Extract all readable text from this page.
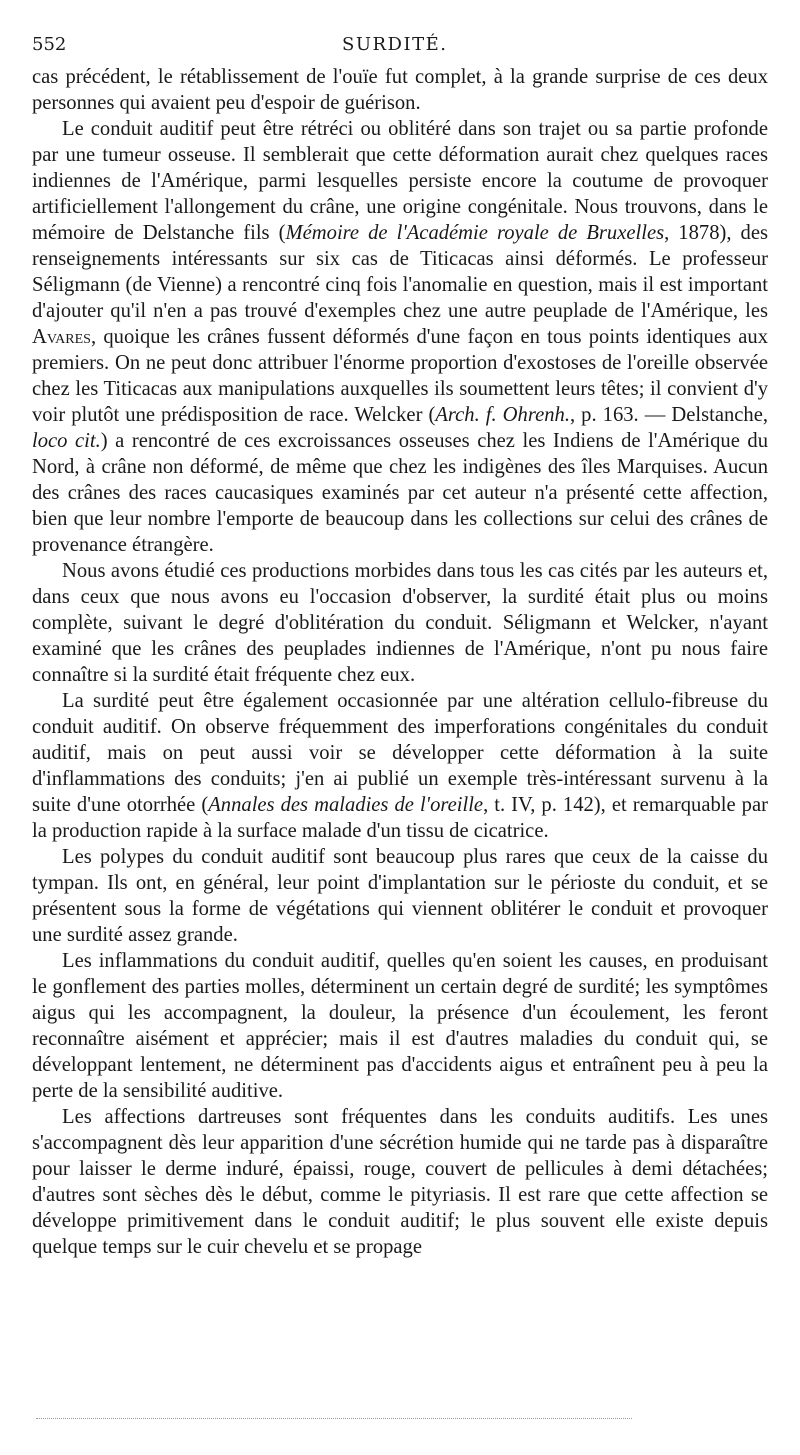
552	SURDITÉ.

cas précédent, le rétablissement de l'ouïe fut complet, à la grande surprise de ces deux personnes qui avaient peu d'espoir de guérison.

Le conduit auditif peut être rétréci ou oblitéré dans son trajet ou sa partie profonde par une tumeur osseuse. Il semblerait que cette déformation aurait chez quelques races indiennes de l'Amérique, parmi lesquelles persiste encore la coutume de provoquer artificiellement l'allongement du crâne, une origine congénitale. Nous trouvons, dans le mémoire de Delstanche fils (Mémoire de l'Académie royale de Bruxelles, 1878), des renseignements intéressants sur six cas de Titicacas ainsi déformés. Le professeur Séligmann (de Vienne) a rencontré cinq fois l'anomalie en question, mais il est important d'ajouter qu'il n'en a pas trouvé d'exemples chez une autre peuplade de l'Amérique, les Avares, quoique les crânes fussent déformés d'une façon en tous points identiques aux premiers. On ne peut donc attribuer l'énorme proportion d'exostoses de l'oreille observée chez les Titicacas aux manipulations auxquelles ils soumettent leurs têtes; il convient d'y voir plutôt une prédisposition de race. Welcker (Arch. f. Ohrenh., p. 163. — Delstanche, loco cit.) a rencontré de ces excroissances osseuses chez les Indiens de l'Amérique du Nord, à crâne non déformé, de même que chez les indigènes des îles Marquises. Aucun des crânes des races caucasiques examinés par cet auteur n'a présenté cette affection, bien que leur nombre l'emporte de beaucoup dans les collections sur celui des crânes de provenance étrangère.

Nous avons étudié ces productions morbides dans tous les cas cités par les auteurs et, dans ceux que nous avons eu l'occasion d'observer, la surdité était plus ou moins complète, suivant le degré d'oblitération du conduit. Séligmann et Welcker, n'ayant examiné que les crânes des peuplades indiennes de l'Amérique, n'ont pu nous faire connaître si la surdité était fréquente chez eux.

La surdité peut être également occasionnée par une altération cellulo-fibreuse du conduit auditif. On observe fréquemment des imperforations congénitales du conduit auditif, mais on peut aussi voir se développer cette déformation à la suite d'inflammations des conduits; j'en ai publié un exemple très-intéressant survenu à la suite d'une otorrhée (Annales des maladies de l'oreille, t. IV, p. 142), et remarquable par la production rapide à la surface malade d'un tissu de cicatrice.

Les polypes du conduit auditif sont beaucoup plus rares que ceux de la caisse du tympan. Ils ont, en général, leur point d'implantation sur le périoste du conduit, et se présentent sous la forme de végétations qui viennent oblitérer le conduit et provoquer une surdité assez grande.

Les inflammations du conduit auditif, quelles qu'en soient les causes, en produisant le gonflement des parties molles, déterminent un certain degré de surdité; les symptômes aigus qui les accompagnent, la douleur, la présence d'un écoulement, les feront reconnaître aisément et apprécier; mais il est d'autres maladies du conduit qui, se développant lentement, ne déterminent pas d'accidents aigus et entraînent peu à peu la perte de la sensibilité auditive.

Les affections dartreuses sont fréquentes dans les conduits auditifs. Les unes s'accompagnent dès leur apparition d'une sécrétion humide qui ne tarde pas à disparaître pour laisser le derme induré, épaissi, rouge, couvert de pellicules à demi détachées; d'autres sont sèches dès le début, comme le pityriasis. Il est rare que cette affection se développe primitivement dans le conduit auditif; le plus souvent elle existe depuis quelque temps sur le cuir chevelu et se propage
